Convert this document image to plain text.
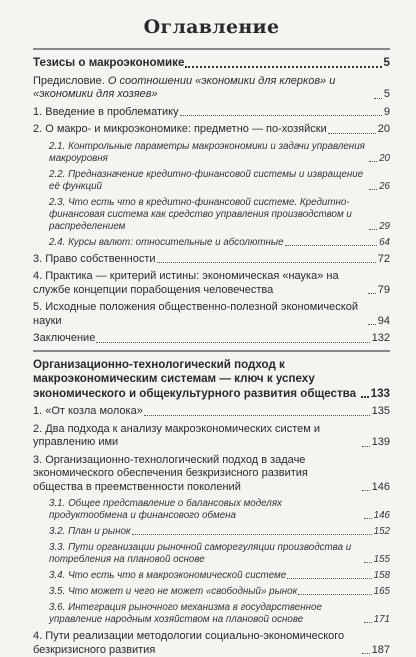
Оглавление
Тезисы о макроэкономике	5
Предисловие. О соотношении «экономики для клерков» и «экономики для хозяев»	5
1. Введение в проблематику	9
2. О макро- и микроэкономике: предметно — по-хозяйски	20
2.1. Контрольные параметры макроэкономики и задачи управления макроуровня	20
2.2. Предназначение кредитно-финансовой системы и извращение её функций	26
2.3. Что есть что в кредитно-финансовой системе. Кредитно-финансовая система как средство управления производством и распределением	29
2.4. Курсы валют: относительные и абсолютные	64
3. Право собственности	72
4. Практика — критерий истины: экономическая «наука» на службе концепции порабощения человечества	79
5. Исходные положения общественно-полезной экономической науки	94
Заключение	132
Организационно-технологический подход к макроэкономическим системам — ключ к успеху экономического и общекультурного развития общества	133
1. «От козла молока»	135
2. Два подхода к анализу макроэкономических систем и управлению ими	139
3. Организационно-технологический подход в задаче экономического обеспечения безкризисного развития общества в преемственности поколений	146
3.1. Общее представление о балансовых моделях продуктообмена и финансового обмена	146
3.2. План и рынок	152
3.3. Пути организации рыночной саморегуляции производства и потребления на плановой основе	155
3.4. Что есть что в макроэкономической системе	158
3.5. Что может и чего не может «свободный» рынок	165
3.6. Интеграция рыночного механизма в государственное управление народным хозяйством на плановой основе	171
4. Пути реализации методологии социально-экономического безкризисного развития	187
